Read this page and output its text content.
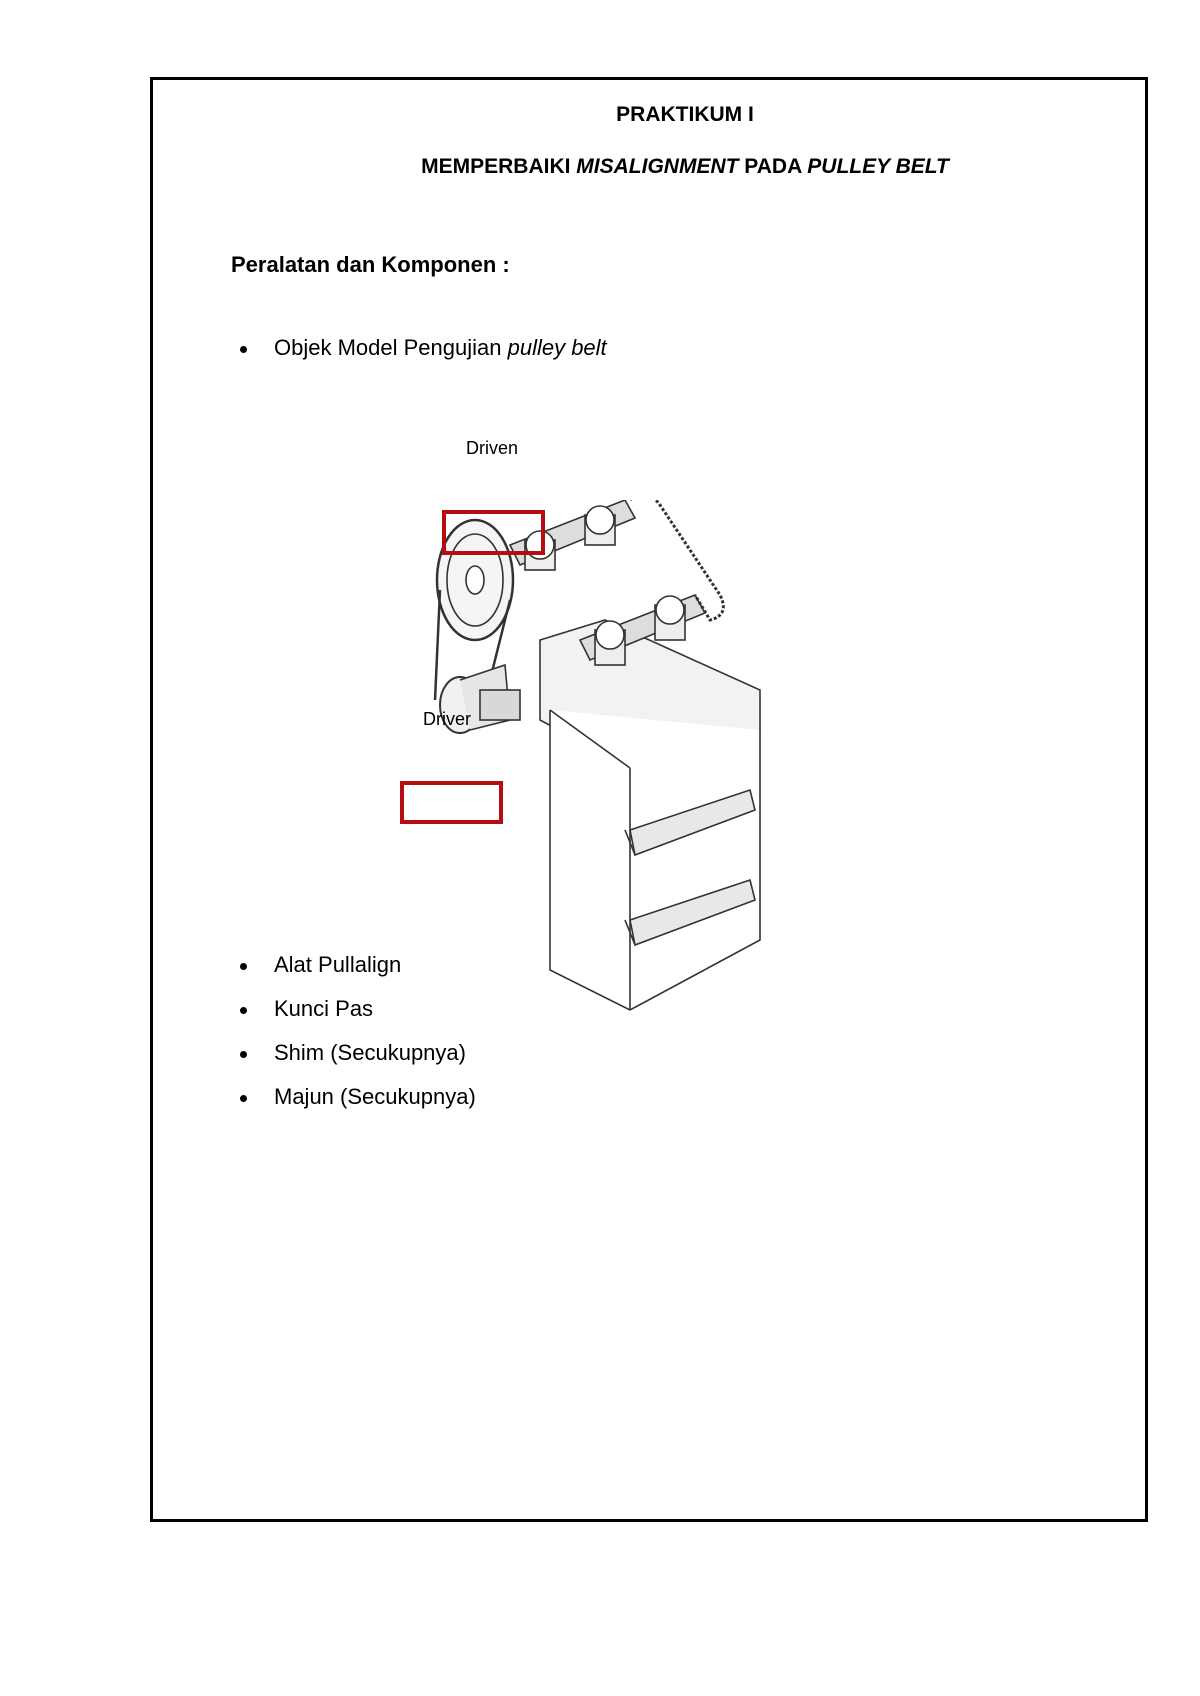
PRAKTIKUM I
MEMPERBAIKI MISALIGNMENT PADA PULLEY BELT
Peralatan dan Komponen :
Objek Model Pengujian pulley belt
Driven
Driver
Alat Pullalign
Kunci Pas
Shim (Secukupnya)
Majun (Secukupnya)
